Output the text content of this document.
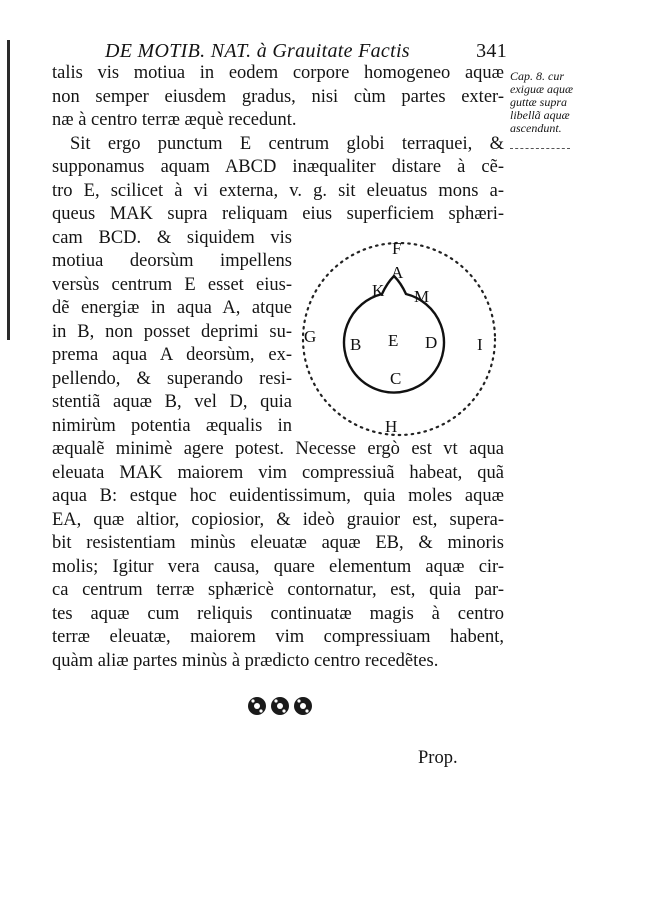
DE MOTIB. NAT. à Grauitate Factis	341
Cap. 8. cur
exiguæ aquæ
guttæ supra
libellã aquæ
ascendunt.
talis vis motiua in eodem corpore homogeneo aquæ
non semper eiusdem gradus, nisi cùm partes exter-
næ à centro terræ æquè recedunt.
Sit ergo punctum E centrum globi terraquei, &
supponamus aquam ABCD inæqualiter distare à cẽ-
tro E, scilicet à vi externa, v. g. sit eleuatus mons a-
queus MAK supra reliquam eius superficiem sphæri-
cam BCD. & siquidem vis
motiua deorsùm impellens
versùs centrum E esset eius-
dẽ energiæ in aqua A, atque
in B, non posset deprimi su-
prema aqua A deorsùm, ex-
pellendo, & superando resi-
stentiã aquæ B, vel D, quia
nimirùm potentia æqualis in
æqualẽ minimè agere potest. Necesse ergò est vt aqua
eleuata MAK maiorem vim compressiuã habeat, quã
aqua B: estque hoc euidentissimum, quia moles aquæ
EA, quæ altior, copiosior, & ideò grauior est, supera-
bit resistentiam minùs eleuatæ aquæ EB, & minoris
molis; Igitur vera causa, quare elementum aquæ cir-
ca centrum terræ sphæricè contornatur, est, quia par-
tes aquæ cum reliquis continuatæ magis à centro
terræ eleuatæ, maiorem vim compressiuam habent,
quàm aliæ partes minùs à prædicto centro recedẽtes.
F
A
K M
G B E D I
C
H
Prop.
